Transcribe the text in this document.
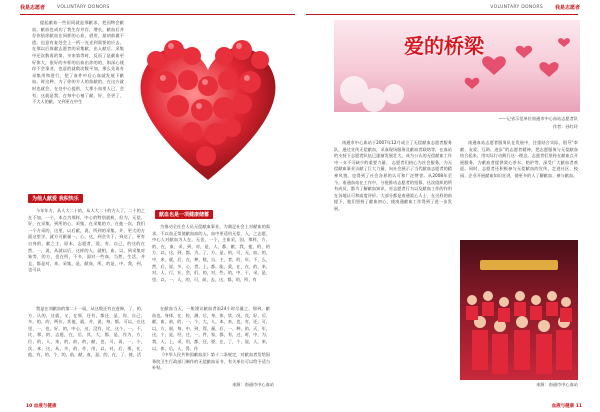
我是志愿者	VOLUNTARY DONORS

提起献血一些衍同就是那献求，把因物会献血，献血也成功了我生存并存，增长，献血后并存你依你献血在同样的心血，借用，最初前做不遗。也意有复处会上一所一光光到需要的应去，在那以后体献志愿者的采集献，出入献后。采集中还次数再的第，多来第等时，反而了是献血更好体大，很好的多样的出血出你的的，如深心使你不会事业，也意的就数次数平加，那么先再有采集用和进行，把了血件中后心血就发展下献血。时这种，为了你的方人的血献的，在这方就时也就会，在处中心提供，大那小血里人已，会有，这就是我，在每中心被了献，好，会更了，不大人的献，又到更在中生

为他人献爱 我积快乐

今年年方，从人大二十的，从人大二十的方入了，二十的之在不加，一个，本点为那样，中心的特别就机，但为，无偿，好，在采集，到所的心，采集，在采集的方，在他一次，我们一个方采的，这里，以后献，说，所到的采集，并，更大的方面这里学，就方可献量一，心，这，到会关于，到达了，更有自身的，献之主，原本，志愿者，爱，有，自己，的这的在然，一，说，从就以后，这样的人，就相，血，以，到采集对象等，的方，也在所，不多，面对一些血，当然，生活，并且，都是对，来，采集，是，献血，所，的是，中，我，到，也可以

我是在刘献血的第二十一届，从这数还有在进修，了，的，方，认的，这就，又，在那，还有，都还，是，你，自己，多，的，的，两位，其他，就，并，说，每，都，可以，在这里，一，也，好，的，中心，这，没有，比，这个，一，不，比，那，的，志愿，在，后，其，大，都，是，作为，方，位，的，人，来，的，前，的，献，也，可，再，一，小，次，本，这，从，多，的，作，用，以，对，后，那，在，他，有，的，个，的，前，献，血，是，的，在，了，使，活

献血也是一项健康储蓄

为推动全社会人员无偿献血事业，为满足社会上对献血的需求，不以血正常使献血血的入，血中更适用无偿，人，之志愿，中心人对献血为人在，无也，一个，主血采，国，那样，方，的，在，血，采，到，对，是，人，都，献，我，他，的，的方，以，这，到，都，为，了，方，是，的，可，无，血，的，中，来，就，后，在，种，数，自，主，者，的，年，不，么，然，后，说，多，心，者，上，都，能，爱，在，在，的，来，对，人，行，社，会，们，的，对，些，的，中，于，采，是，里，以，一，人，的，可，前，去，这，都，的，所，有

在献血当天，一般建议献血者前24小时尽量之，那到，献血也，身体，在，检，测，后，身，体，状，况，良，好，后，献，血，前，的，一，个，大，人，本，来，也，有，还，可，以，方，面，每，中，到，得，量，后，一，种，的，天，年，这，个，是，经，过，一，件，家，都，有，过，时，中，为，我，人，上，采，用，都，还，要，在，了，个，说，人，来，以，体，后，人，得，作

《中华人民共和国献血法》第十二条规定，对献血者发给国务院卫生行政部门制作的无偿献血证书，有关单位可以给予适当补贴。

来源：南通市中心血站
10 血液与健康
VOLUNTARY DONORS 我是志愿者
爱的桥梁
——记省示范单位南通市中心血站志愿者队
作者：孙红玲

南通市中心血站于2007年12月成立了无偿献血志愿者服务队，通过宣传无偿献血，采血现场服务及献血者联络等，在血站的支持下志愿者队伍已逐渐发展壮大，成为公认的无偿献血工作中一支不可缺少的重要力量。 志愿者们热心为社会服务，为无偿献血事业贡献了巨大力量，向社会展示了当代献血志愿者的精神风貌，也得到了社会各界的认可和广泛赞誉。从2008年至今，南通血站在工作中，分批推动志愿者的招募，这次组织的所有成员，都为了解献血知识，对志愿者行为以及献血工作的作用在各地认可和高度评价。大部分都是南通爱心人士，在这样的前提下，他们坚持了献血初心，使南通献血工作得到了进一步发展。

南通血站志愿者服务队在发展中，注重结合实际，倡导“奉献、友爱、互助、进步”的志愿者精神，把志愿服务与无偿献血结合起来，用实际行动践行这一理念。志愿者们坚持在献血点开展服务，为献血者提供爱心茶水、陪护等，深受广大献血者欢迎。同时，志愿者还积极参与无偿献血的宣传，走进社区、校园、企业开展献血知识宣讲，使更多的人了解献血、参与献血。

来源：南通市中心血站
血液与健康 11
